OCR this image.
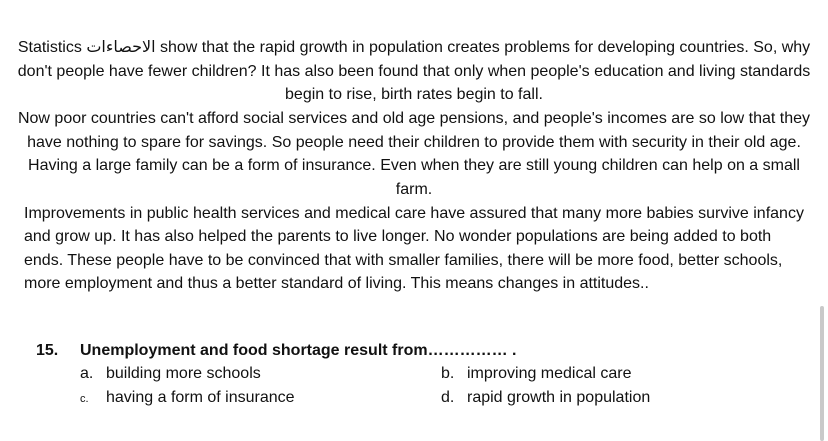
Statistics الاحصاءات show that the rapid growth in population creates problems for developing countries. So, why don't people have fewer children? It has also been found that only when people's education and living standards begin to rise, birth rates begin to fall.

Now poor countries can't afford social services and old age pensions, and people's incomes are so low that they have nothing to spare for savings. So people need their children to provide them with security in their old age. Having a large family can be a form of insurance. Even when they are still young children can help on a small farm.

Improvements in public health services and medical care have assured that many more babies survive infancy and grow up. It has also helped the parents to live longer. No wonder populations are being added to both ends. These people have to be convinced that with smaller families, there will be more food, better schools, more employment and thus a better standard of living. This means changes in attitudes..

15. Unemployment and food shortage result from…………… .
a. building more schools	b. improving medical care
c. having a form of insurance	d. rapid growth in population
